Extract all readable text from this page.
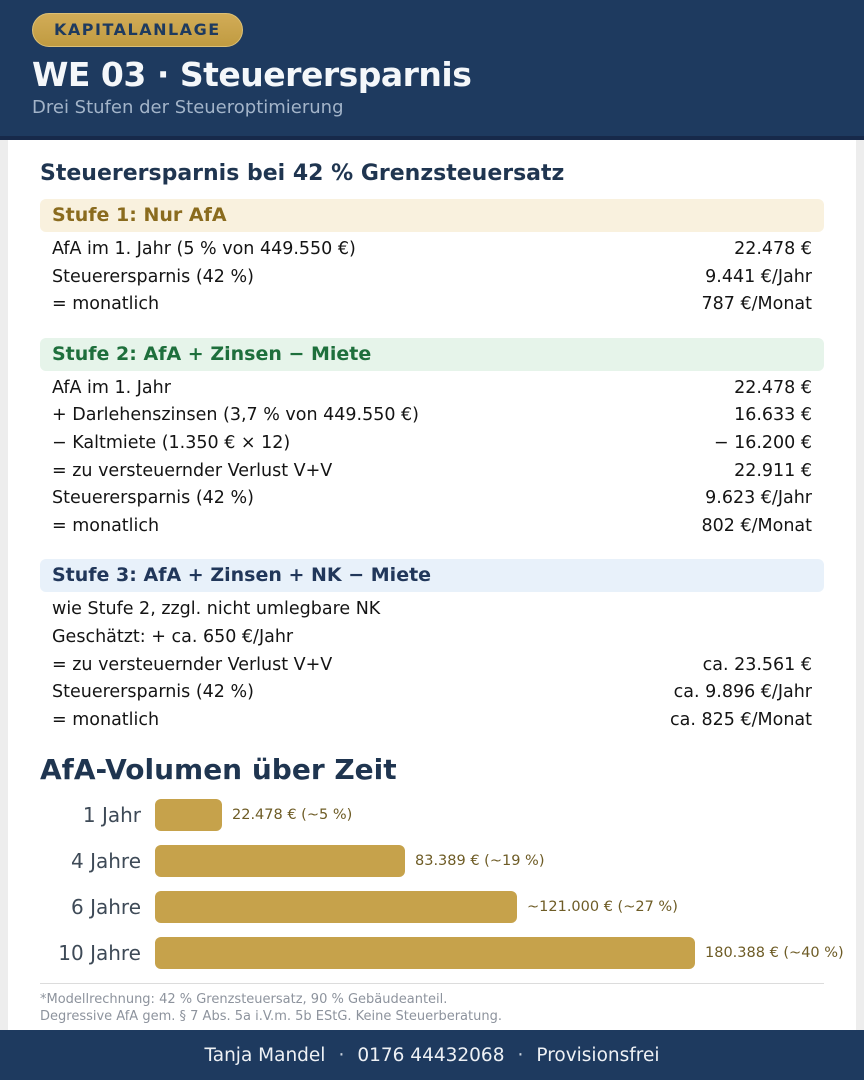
KAPITALANLAGE
WE 03 · Steuerersparnis
Drei Stufen der Steueroptimierung
Steuerersparnis bei 42 % Grenzsteuersatz
Stufe 1: Nur AfA
AfA im 1. Jahr (5 % von 449.550 €)	22.478 €
Steuerersparnis (42 %)	9.441 €/Jahr
= monatlich	787 €/Monat
Stufe 2: AfA + Zinsen − Miete
AfA im 1. Jahr	22.478 €
+ Darlehenszinsen (3,7 % von 449.550 €)	16.633 €
− Kaltmiete (1.350 € × 12)	− 16.200 €
= zu versteuernder Verlust V+V	22.911 €
Steuerersparnis (42 %)	9.623 €/Jahr
= monatlich	802 €/Monat
Stufe 3: AfA + Zinsen + NK − Miete
wie Stufe 2, zzgl. nicht umlegbare NK
Geschätzt: + ca. 650 €/Jahr
= zu versteuernder Verlust V+V	ca. 23.561 €
Steuerersparnis (42 %)	ca. 9.896 €/Jahr
= monatlich	ca. 825 €/Monat
AfA-Volumen über Zeit
1 Jahr	22.478 € (~5 %)
4 Jahre	83.389 € (~19 %)
6 Jahre	~121.000 € (~27 %)
10 Jahre	180.388 € (~40 %)
*Modellrechnung: 42 % Grenzsteuersatz, 90 % Gebäudeanteil.
Degressive AfA gem. § 7 Abs. 5a i.V.m. 5b EStG. Keine Steuerberatung.
Tanja Mandel · 0176 44432068 · Provisionsfrei
